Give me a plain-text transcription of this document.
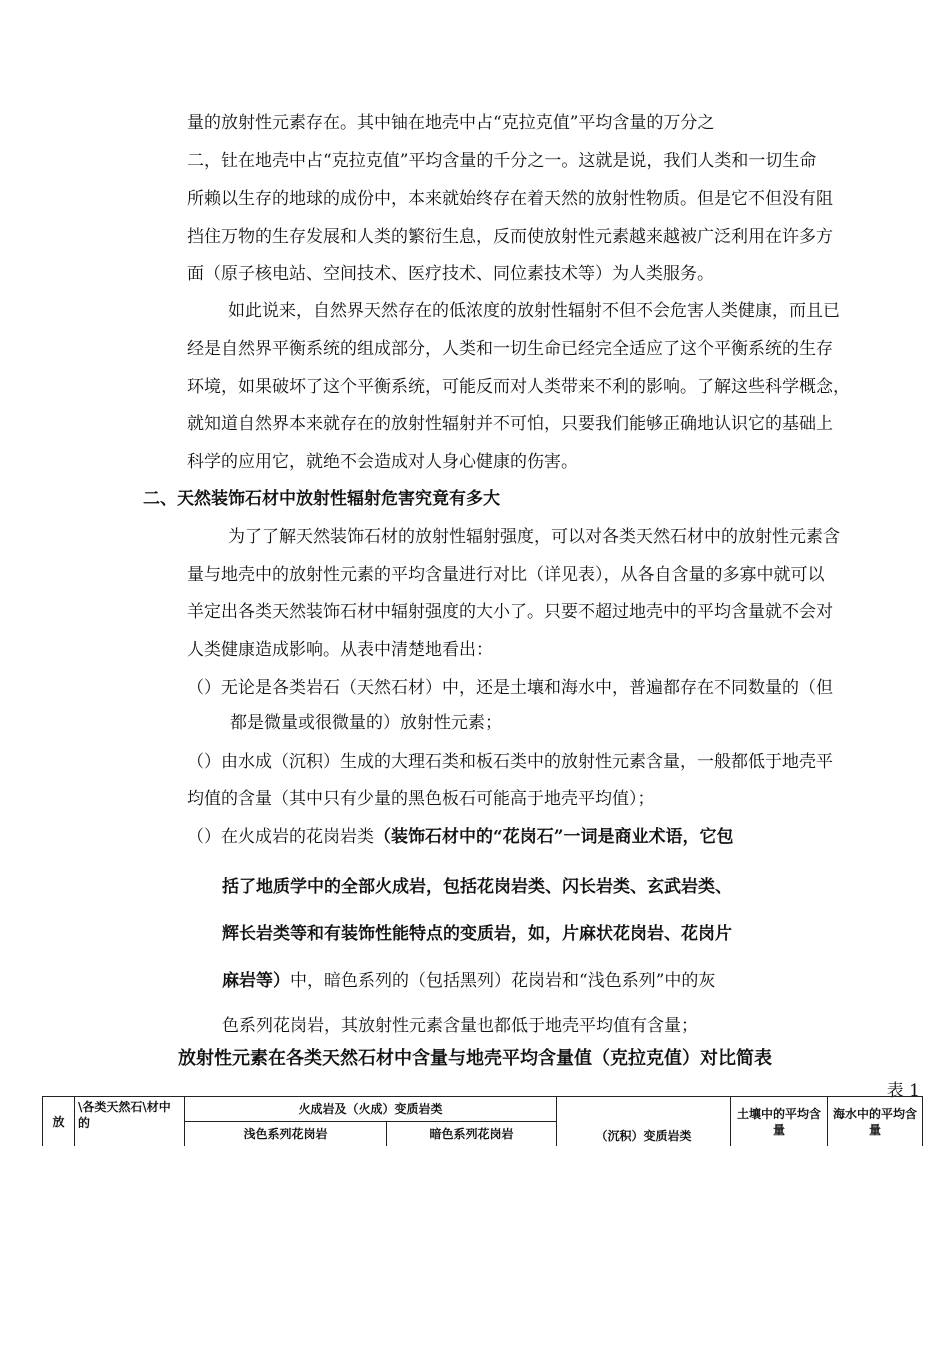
量的放射性元素存在。其中铀在地壳中占“克拉克值”平均含量的万分之
二，钍在地壳中占“克拉克值”平均含量的千分之一。这就是说，我们人类和一切生命
所赖以生存的地球的成份中，本来就始终存在着天然的放射性物质。但是它不但没有阻
挡住万物的生存发展和人类的繁衍生息，反而使放射性元素越来越被广泛利用在许多方
面（原子核电站、空间技术、医疗技术、同位素技术等）为人类服务。
如此说来，自然界天然存在的低浓度的放射性辐射不但不会危害人类健康，而且已
经是自然界平衡系统的组成部分，人类和一切生命已经完全适应了这个平衡系统的生存
环境，如果破坏了这个平衡系统，可能反而对人类带来不利的影响。了解这些科学概念，
就知道自然界本来就存在的放射性辐射并不可怕，只要我们能够正确地认识它的基础上
科学的应用它，就绝不会造成对人身心健康的伤害。
二、天然装饰石材中放射性辐射危害究竟有多大
为了了解天然装饰石材的放射性辐射强度，可以对各类天然石材中的放射性元素含
量与地壳中的放射性元素的平均含量进行对比（详见表），从各自含量的多寡中就可以
羊定出各类天然装饰石材中辐射强度的大小了。只要不超过地壳中的平均含量就不会对
人类健康造成影响。从表中清楚地看出：
（）无论是各类岩石（天然石材）中，还是土壤和海水中，普遍都存在不同数量的（但
都是微量或很微量的）放射性元素；
（）由水成（沉积）生成的大理石类和板石类中的放射性元素含量，一般都低于地壳平
均值的含量（其中只有少量的黑色板石可能高于地壳平均值）；
（）在火成岩的花岗岩类（装饰石材中的“花岗石”一词是商业术语，它包
括了地质学中的全部火成岩，包括花岗岩类、闪长岩类、玄武岩类、
辉长岩类等和有装饰性能特点的变质岩，如，片麻状花岗岩、花岗片
麻岩等）中，暗色系列的（包括黑列）花岗岩和“浅色系列”中的灰
色系列花岗岩，其放射性元素含量也都低于地壳平均值有含量；
放射性元素在各类天然石材中含量与地壳平均含量值（克拉克值）对比简表
表 1
放	\各类天然石\材中的	火成岩及（火成）变质岩类		（沉积）变质岩类	土壤中的平均含量	海水中的平均含量
		浅色系列花岗岩	暗色系列花岗岩			
